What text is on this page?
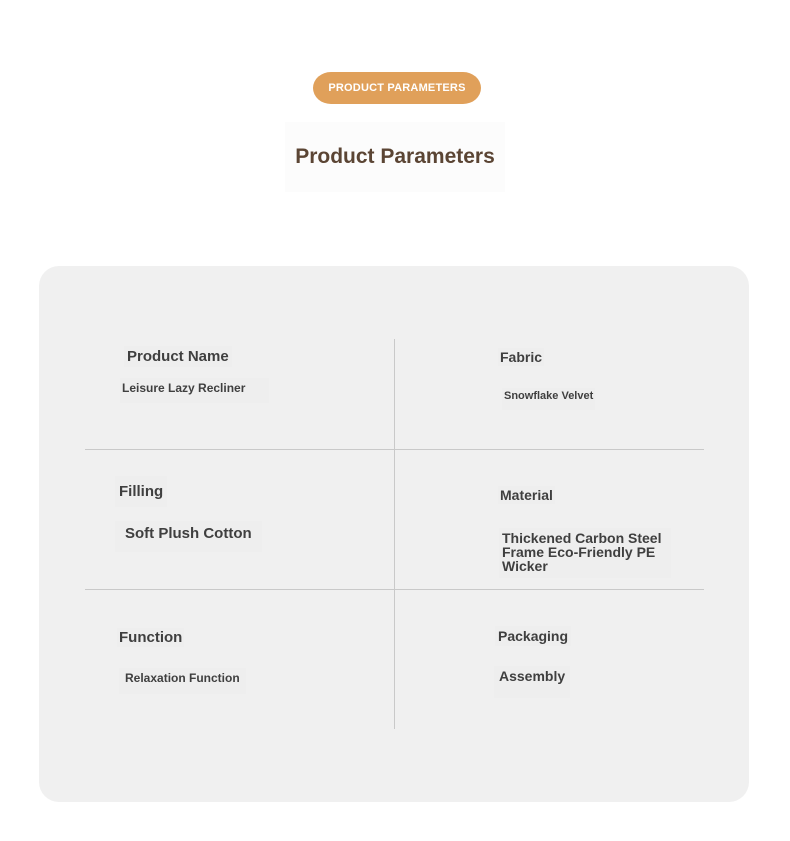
PRODUCT PARAMETERS
Product Parameters
Product Name
Leisure Lazy Recliner
Fabric
Snowflake Velvet
Filling
Soft Plush Cotton
Material
Thickened Carbon Steel Frame Eco-Friendly PE Wicker
Function
Relaxation Function
Packaging
Assembly
